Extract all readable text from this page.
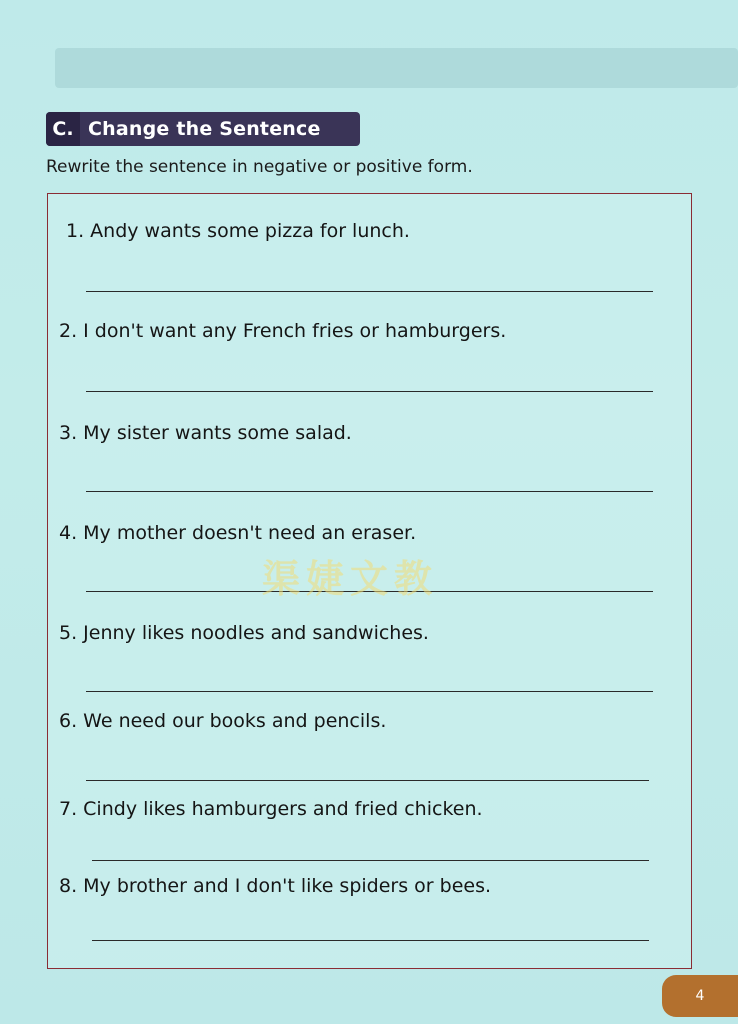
C. Change the Sentence
Rewrite the sentence in negative or positive form.
1. Andy wants some pizza for lunch.
2. I don't want any French fries or hamburgers.
3. My sister wants some salad.
4. My mother doesn't need an eraser.
5. Jenny likes noodles and sandwiches.
6. We need our books and pencils.
7. Cindy likes hamburgers and fried chicken.
8. My brother and I don't like spiders or bees.
渠婕文教
4
